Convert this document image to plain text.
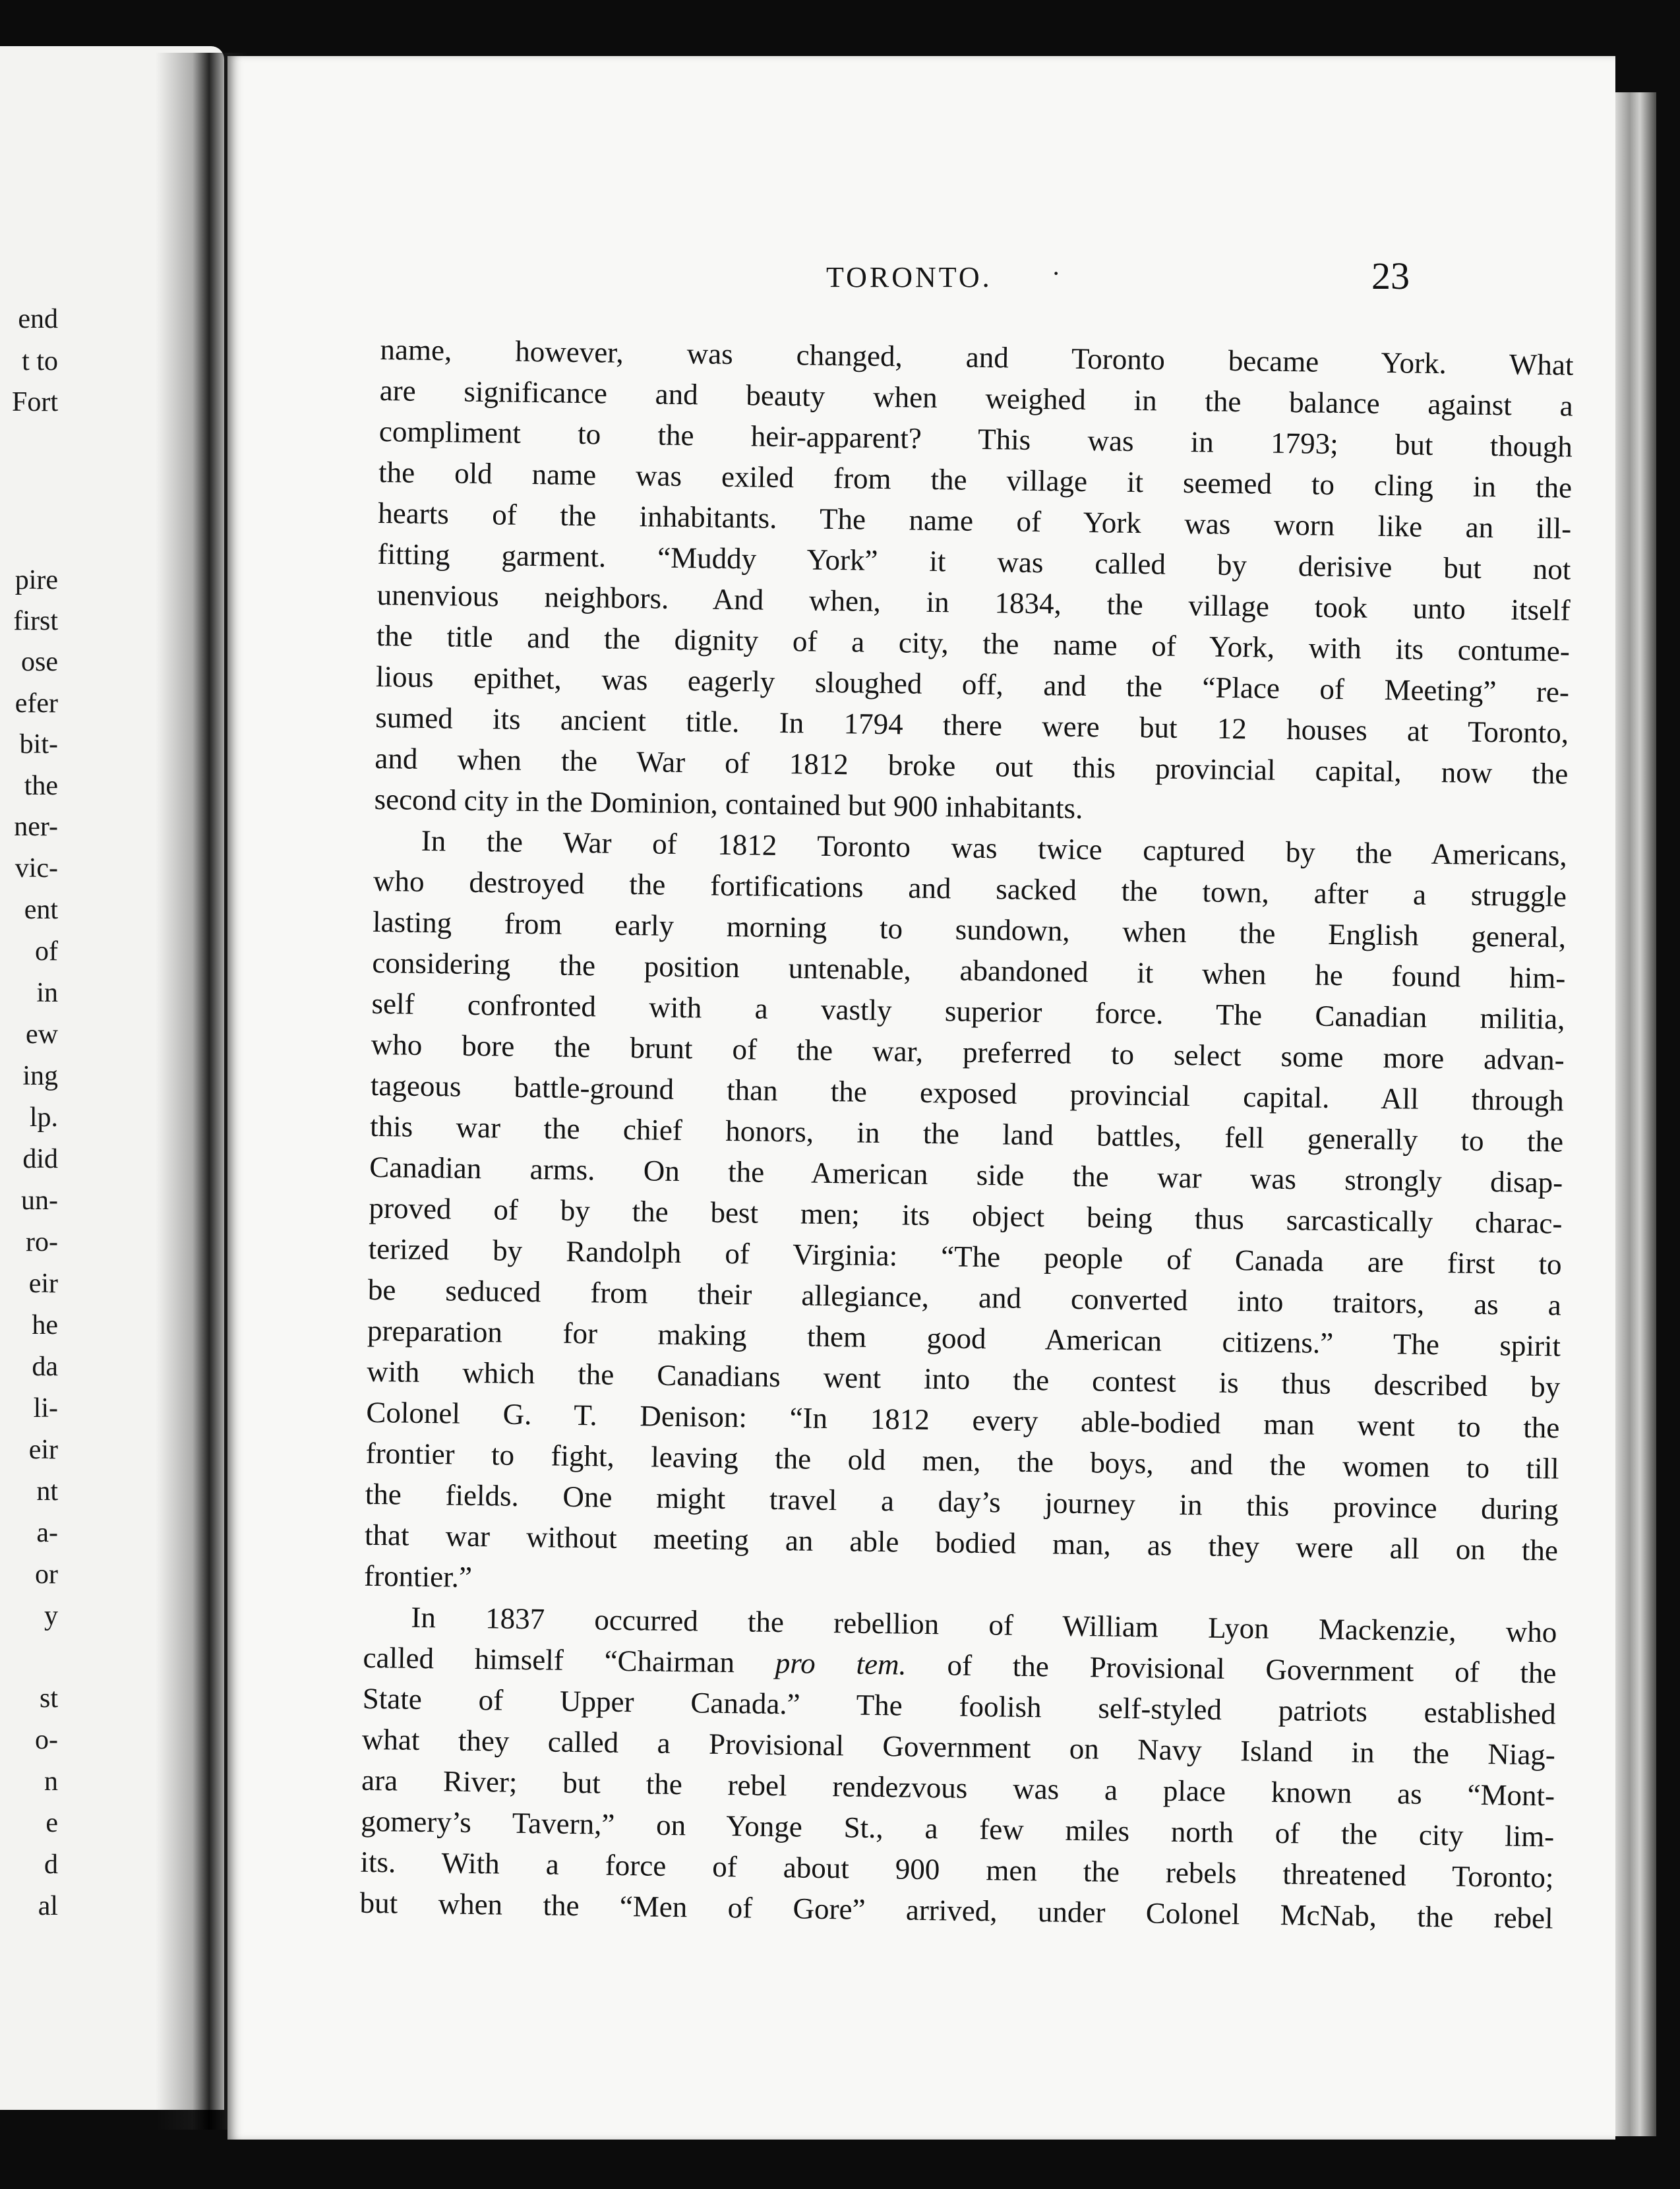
end
t to
Fort
pire
first
ose
efer
bit-
the
ner-
vic-
ent
of
in
ew
ing
lp.
did
un-
ro-
eir
he
da
li-
eir
nt
a-
or
y
st
o-
n
e
d
al
TORONTO. ·	23
name, however, was changed, and Toronto became York. What
are significance and beauty when weighed in the balance against a
compliment to the heir-apparent? This was in 1793; but though
the old name was exiled from the village it seemed to cling in the
hearts of the inhabitants. The name of York was worn like an ill-
fitting garment. “Muddy York” it was called by derisive but not
unenvious neighbors. And when, in 1834, the village took unto itself
the title and the dignity of a city, the name of York, with its contume-
lious epithet, was eagerly sloughed off, and the “Place of Meeting” re-
sumed its ancient title. In 1794 there were but 12 houses at Toronto,
and when the War of 1812 broke out this provincial capital, now the
second city in the Dominion, contained but 900 inhabitants.
In the War of 1812 Toronto was twice captured by the Americans,
who destroyed the fortifications and sacked the town, after a struggle
lasting from early morning to sundown, when the English general,
considering the position untenable, abandoned it when he found him-
self confronted with a vastly superior force. The Canadian militia,
who bore the brunt of the war, preferred to select some more advan-
tageous battle-ground than the exposed provincial capital. All through
this war the chief honors, in the land battles, fell generally to the
Canadian arms. On the American side the war was strongly disap-
proved of by the best men; its object being thus sarcastically charac-
terized by Randolph of Virginia: “The people of Canada are first to
be seduced from their allegiance, and converted into traitors, as a
preparation for making them good American citizens.” The spirit
with which the Canadians went into the contest is thus described by
Colonel G. T. Denison: “In 1812 every able-bodied man went to the
frontier to fight, leaving the old men, the boys, and the women to till
the fields. One might travel a day’s journey in this province during
that war without meeting an able bodied man, as they were all on the
frontier.”
In 1837 occurred the rebellion of William Lyon Mackenzie, who
called himself “Chairman pro tem. of the Provisional Government of the
State of Upper Canada.” The foolish self-styled patriots established
what they called a Provisional Government on Navy Island in the Niag-
ara River; but the rebel rendezvous was a place known as “Mont-
gomery’s Tavern,” on Yonge St., a few miles north of the city lim-
its. With a force of about 900 men the rebels threatened Toronto;
but when the “Men of Gore” arrived, under Colonel McNab, the rebel
